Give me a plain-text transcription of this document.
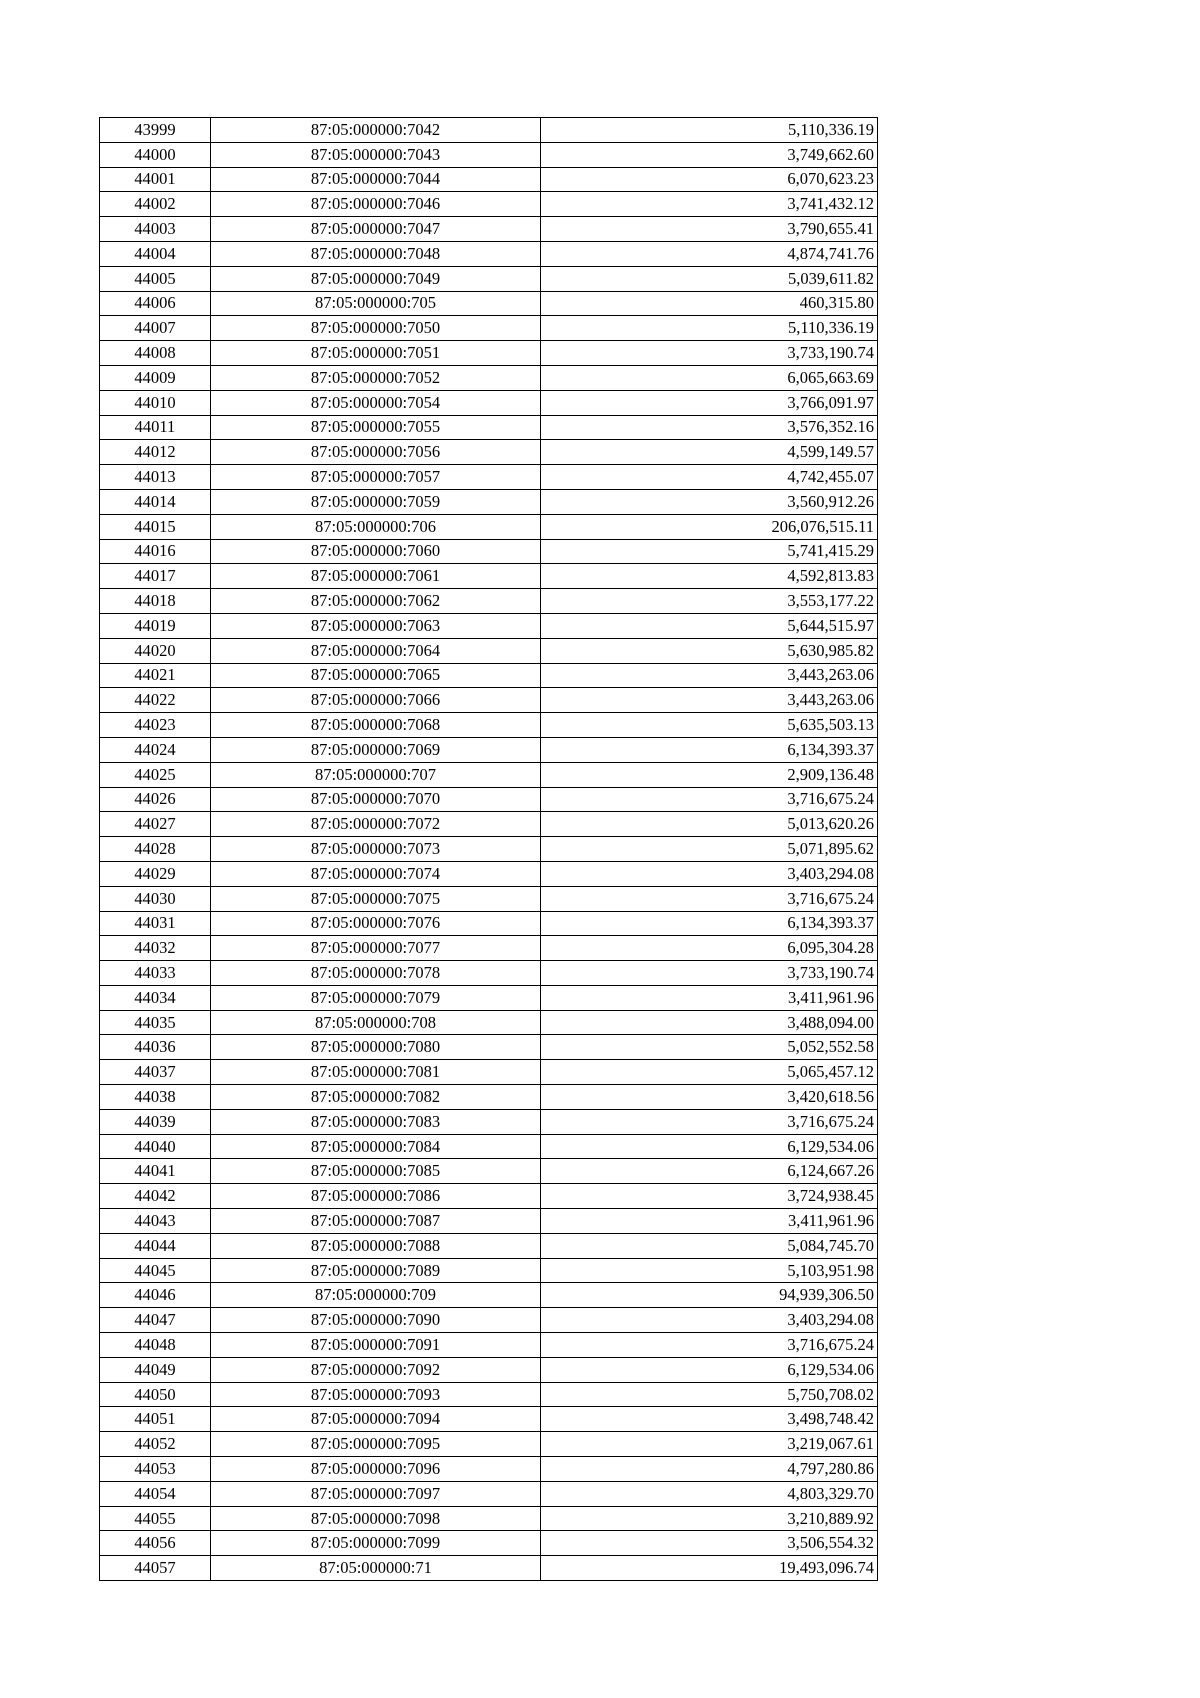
43999	87:05:000000:7042	5,110,336.19
44000	87:05:000000:7043	3,749,662.60
44001	87:05:000000:7044	6,070,623.23
44002	87:05:000000:7046	3,741,432.12
44003	87:05:000000:7047	3,790,655.41
44004	87:05:000000:7048	4,874,741.76
44005	87:05:000000:7049	5,039,611.82
44006	87:05:000000:705	460,315.80
44007	87:05:000000:7050	5,110,336.19
44008	87:05:000000:7051	3,733,190.74
44009	87:05:000000:7052	6,065,663.69
44010	87:05:000000:7054	3,766,091.97
44011	87:05:000000:7055	3,576,352.16
44012	87:05:000000:7056	4,599,149.57
44013	87:05:000000:7057	4,742,455.07
44014	87:05:000000:7059	3,560,912.26
44015	87:05:000000:706	206,076,515.11
44016	87:05:000000:7060	5,741,415.29
44017	87:05:000000:7061	4,592,813.83
44018	87:05:000000:7062	3,553,177.22
44019	87:05:000000:7063	5,644,515.97
44020	87:05:000000:7064	5,630,985.82
44021	87:05:000000:7065	3,443,263.06
44022	87:05:000000:7066	3,443,263.06
44023	87:05:000000:7068	5,635,503.13
44024	87:05:000000:7069	6,134,393.37
44025	87:05:000000:707	2,909,136.48
44026	87:05:000000:7070	3,716,675.24
44027	87:05:000000:7072	5,013,620.26
44028	87:05:000000:7073	5,071,895.62
44029	87:05:000000:7074	3,403,294.08
44030	87:05:000000:7075	3,716,675.24
44031	87:05:000000:7076	6,134,393.37
44032	87:05:000000:7077	6,095,304.28
44033	87:05:000000:7078	3,733,190.74
44034	87:05:000000:7079	3,411,961.96
44035	87:05:000000:708	3,488,094.00
44036	87:05:000000:7080	5,052,552.58
44037	87:05:000000:7081	5,065,457.12
44038	87:05:000000:7082	3,420,618.56
44039	87:05:000000:7083	3,716,675.24
44040	87:05:000000:7084	6,129,534.06
44041	87:05:000000:7085	6,124,667.26
44042	87:05:000000:7086	3,724,938.45
44043	87:05:000000:7087	3,411,961.96
44044	87:05:000000:7088	5,084,745.70
44045	87:05:000000:7089	5,103,951.98
44046	87:05:000000:709	94,939,306.50
44047	87:05:000000:7090	3,403,294.08
44048	87:05:000000:7091	3,716,675.24
44049	87:05:000000:7092	6,129,534.06
44050	87:05:000000:7093	5,750,708.02
44051	87:05:000000:7094	3,498,748.42
44052	87:05:000000:7095	3,219,067.61
44053	87:05:000000:7096	4,797,280.86
44054	87:05:000000:7097	4,803,329.70
44055	87:05:000000:7098	3,210,889.92
44056	87:05:000000:7099	3,506,554.32
44057	87:05:000000:71	19,493,096.74
